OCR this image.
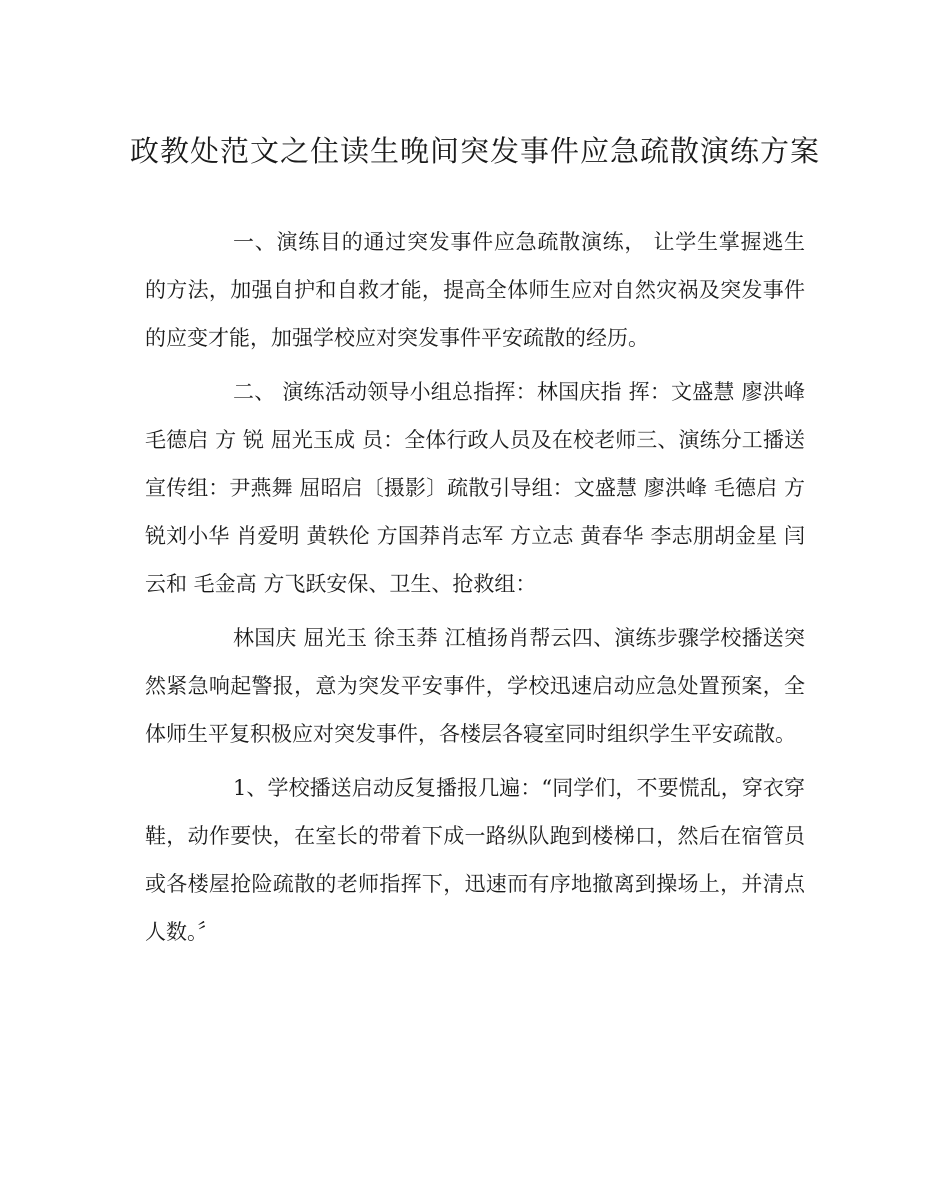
政教处范文之住读生晚间突发事件应急疏散演练方案

一、演练目的通过突发事件应急疏散演练， 让学生掌握逃生的方法，加强自护和自救才能，提高全体师生应对自然灾祸及突发事件的应变才能，加强学校应对突发事件平安疏散的经历。

二、 演练活动领导小组总指挥：林国庆指 挥：文盛慧 廖洪峰 毛德启 方 锐 屈光玉成 员：全体行政人员及在校老师三、演练分工播送宣传组：尹燕舞 屈昭启〔摄影〕疏散引导组：文盛慧 廖洪峰 毛德启 方 锐刘小华 肖爱明 黄轶伦 方国莽肖志军 方立志 黄春华 李志朋胡金星 闫云和 毛金高 方飞跃安保、卫生、抢救组：

林国庆 屈光玉 徐玉莽 江植扬肖帮云四、演练步骤学校播送突然紧急响起警报，意为突发平安事件，学校迅速启动应急处置预案，全体师生平复积极应对突发事件，各楼层各寝室同时组织学生平安疏散。

1、学校播送启动反复播报几遍：“同学们，不要慌乱，穿衣穿鞋，动作要快，在室长的带着下成一路纵队跑到楼梯口，然后在宿管员或各楼屋抢险疏散的老师指挥下，迅速而有序地撤离到操场上，并清点人数。〞
